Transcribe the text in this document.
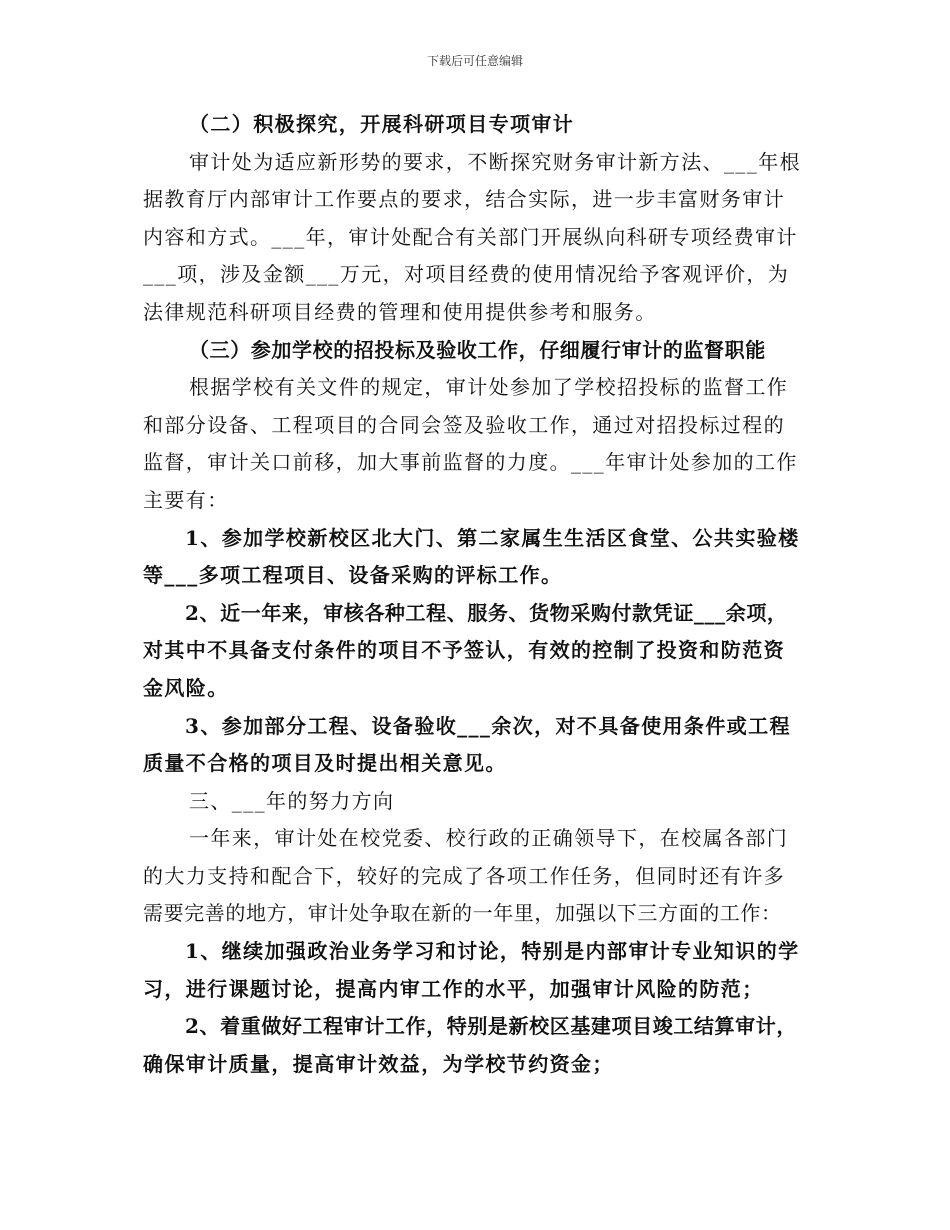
下载后可任意编辑
（二）积极探究，开展科研项目专项审计
审计处为适应新形势的要求，不断探究财务审计新方法、___年根
据教育厅内部审计工作要点的要求，结合实际，进一步丰富财务审计
内容和方式。___年，审计处配合有关部门开展纵向科研专项经费审计
___项，涉及金额___万元，对项目经费的使用情况给予客观评价，为
法律规范科研项目经费的管理和使用提供参考和服务。
（三）参加学校的招投标及验收工作，仔细履行审计的监督职能
根据学校有关文件的规定，审计处参加了学校招投标的监督工作
和部分设备、工程项目的合同会签及验收工作，通过对招投标过程的
监督，审计关口前移，加大事前监督的力度。___年审计处参加的工作
主要有：
1、参加学校新校区北大门、第二家属生生活区食堂、公共实验楼
等___多项工程项目、设备采购的评标工作。
2、近一年来，审核各种工程、服务、货物采购付款凭证___余项，
对其中不具备支付条件的项目不予签认，有效的控制了投资和防范资
金风险。
3、参加部分工程、设备验收___余次，对不具备使用条件或工程
质量不合格的项目及时提出相关意见。
三、___年的努力方向
一年来，审计处在校党委、校行政的正确领导下，在校属各部门
的大力支持和配合下，较好的完成了各项工作任务，但同时还有许多
需要完善的地方，审计处争取在新的一年里，加强以下三方面的工作：
1、继续加强政治业务学习和讨论，特别是内部审计专业知识的学
习，进行课题讨论，提高内审工作的水平，加强审计风险的防范；
2、着重做好工程审计工作，特别是新校区基建项目竣工结算审计，
确保审计质量，提高审计效益，为学校节约资金；
